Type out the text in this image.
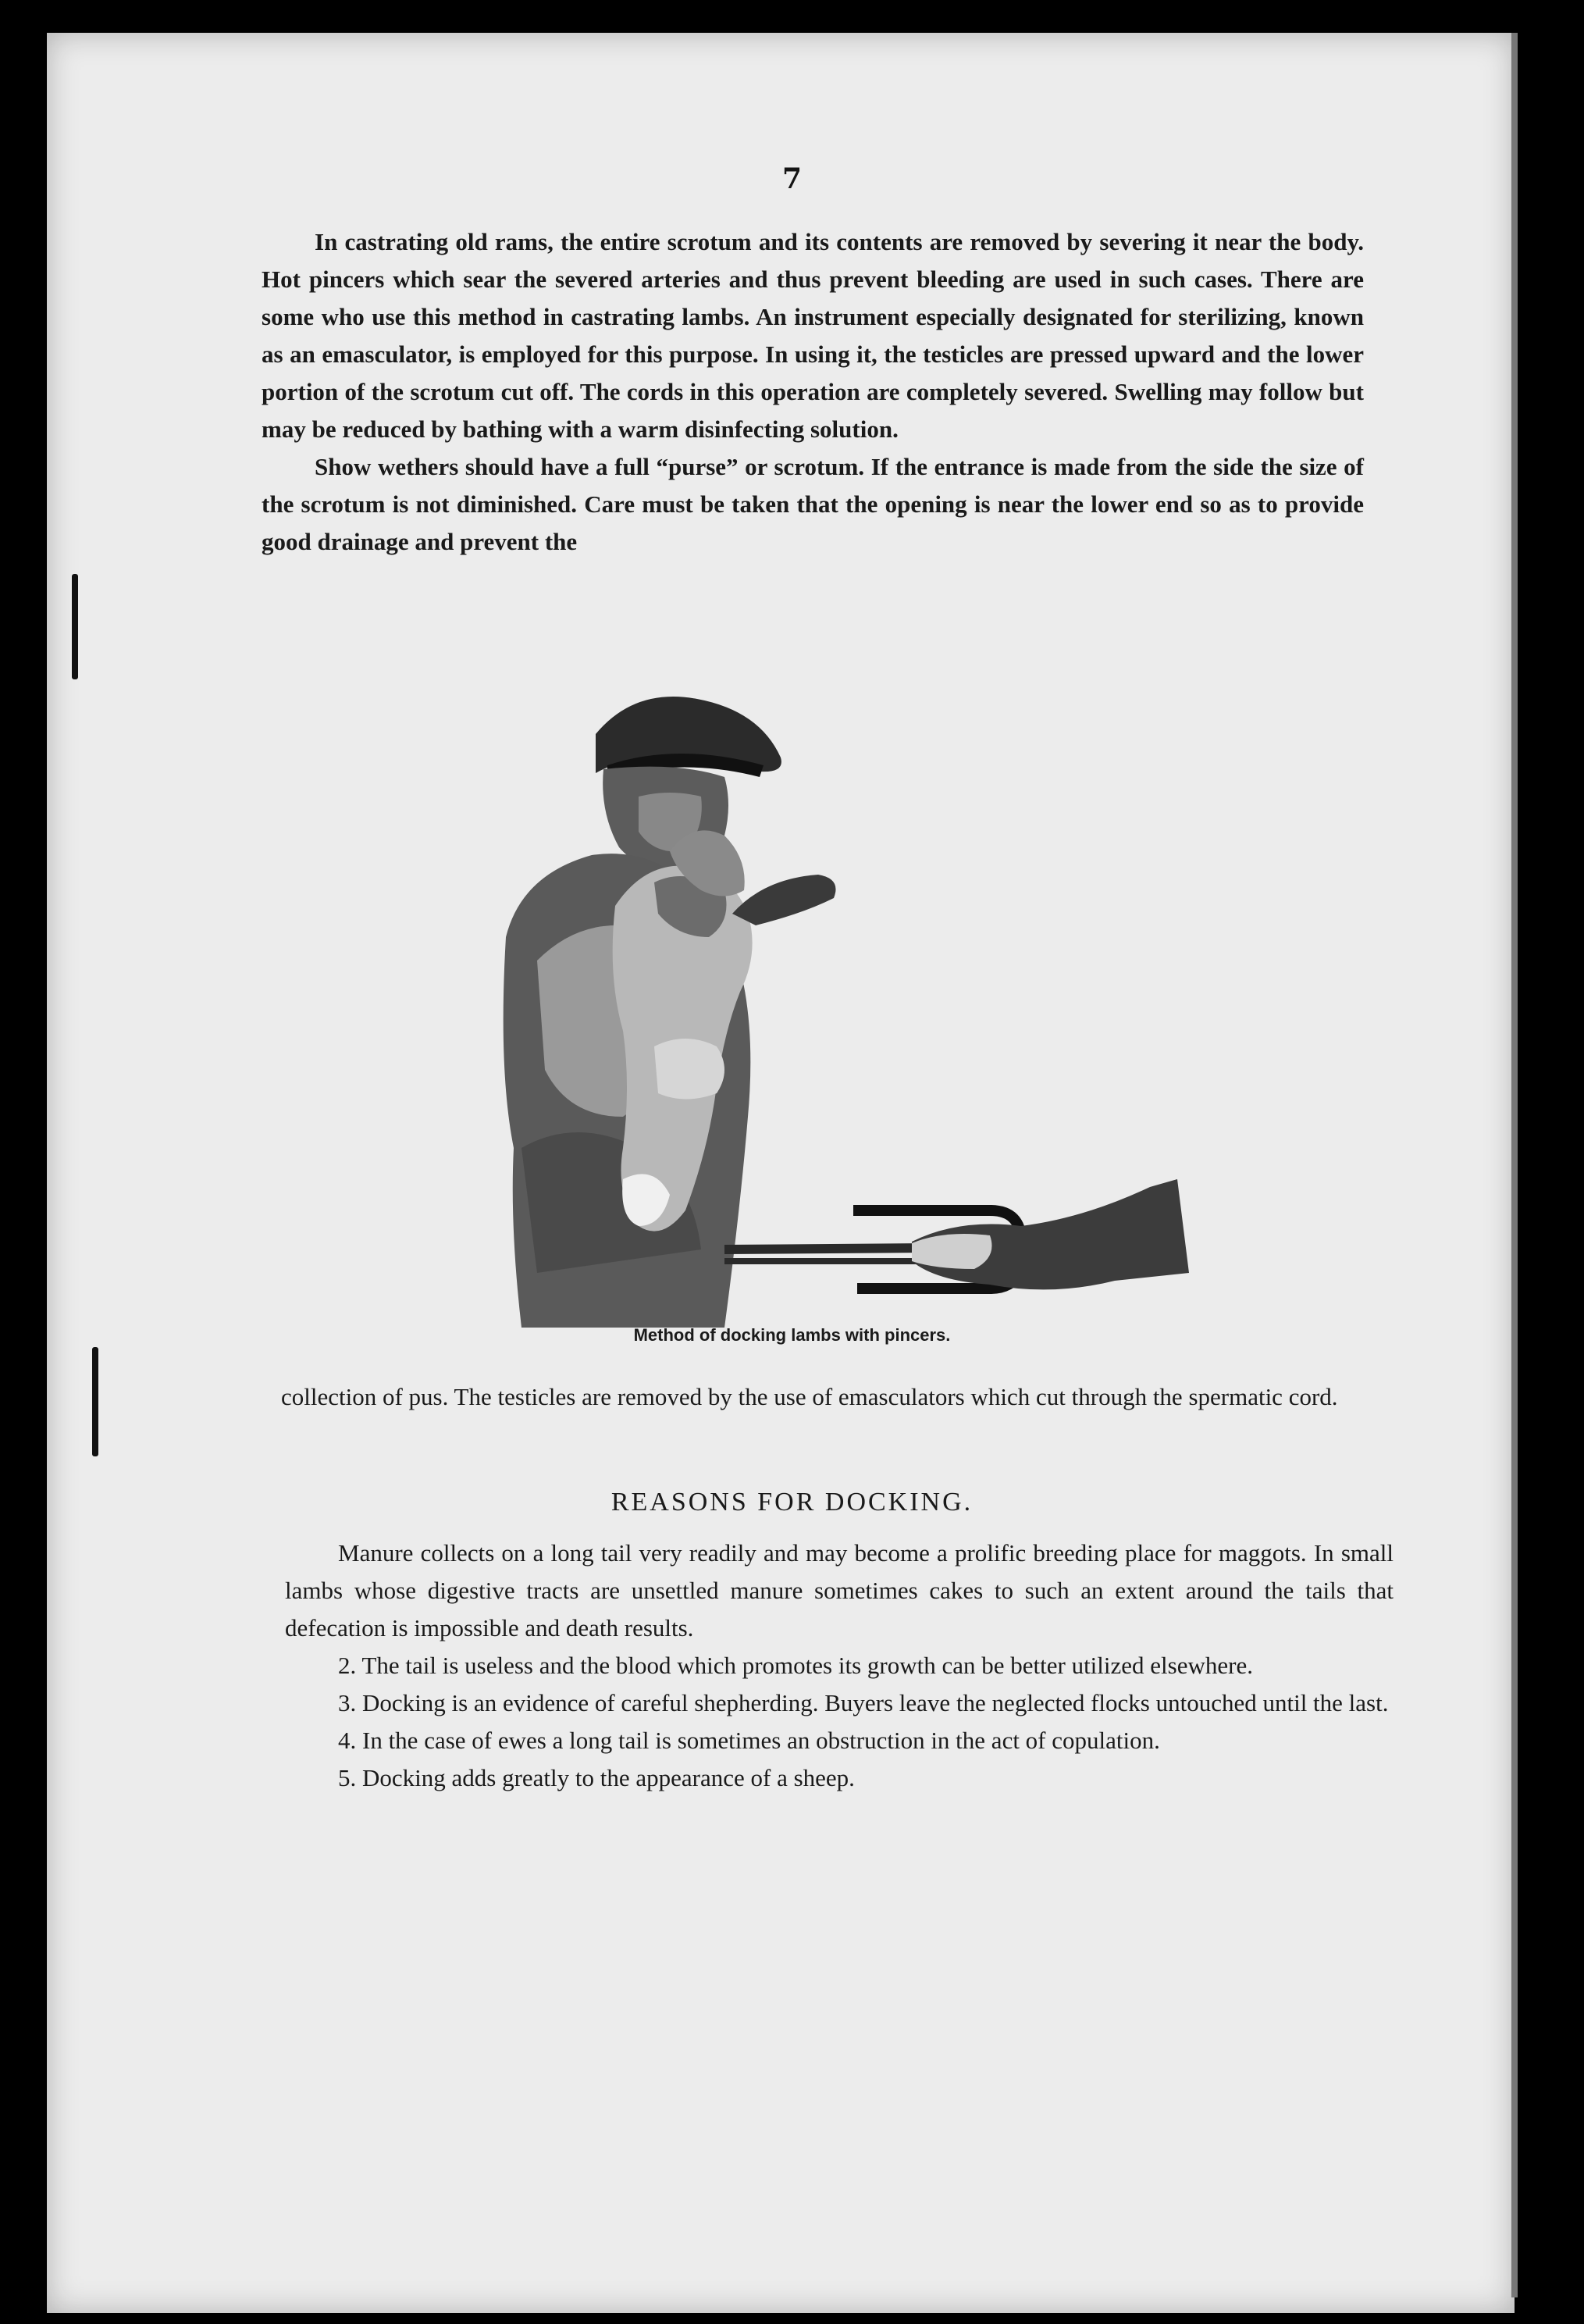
7

In castrating old rams, the entire scrotum and its contents are removed by severing it near the body. Hot pincers which sear the severed arteries and thus prevent bleeding are used in such cases. There are some who use this method in castrating lambs. An instrument especially designated for sterilizing, known as an emasculator, is employed for this purpose. In using it, the testicles are pressed upward and the lower portion of the scrotum cut off. The cords in this operation are completely severed. Swelling may follow but may be reduced by bathing with a warm disinfecting solution.

Show wethers should have a full “purse” or scrotum. If the entrance is made from the side the size of the scrotum is not diminished. Care must be taken that the opening is near the lower end so as to provide good drainage and prevent the

Method of docking lambs with pincers.

collection of pus. The testicles are removed by the use of emasculators which cut through the spermatic cord.

REASONS FOR DOCKING.

Manure collects on a long tail very readily and may become a prolific breeding place for maggots. In small lambs whose digestive tracts are unsettled manure sometimes cakes to such an extent around the tails that defecation is impossible and death results.

2. The tail is useless and the blood which promotes its growth can be better utilized elsewhere.

3. Docking is an evidence of careful shepherding. Buyers leave the neglected flocks untouched until the last.

4. In the case of ewes a long tail is sometimes an obstruction in the act of copulation.

5. Docking adds greatly to the appearance of a sheep.
